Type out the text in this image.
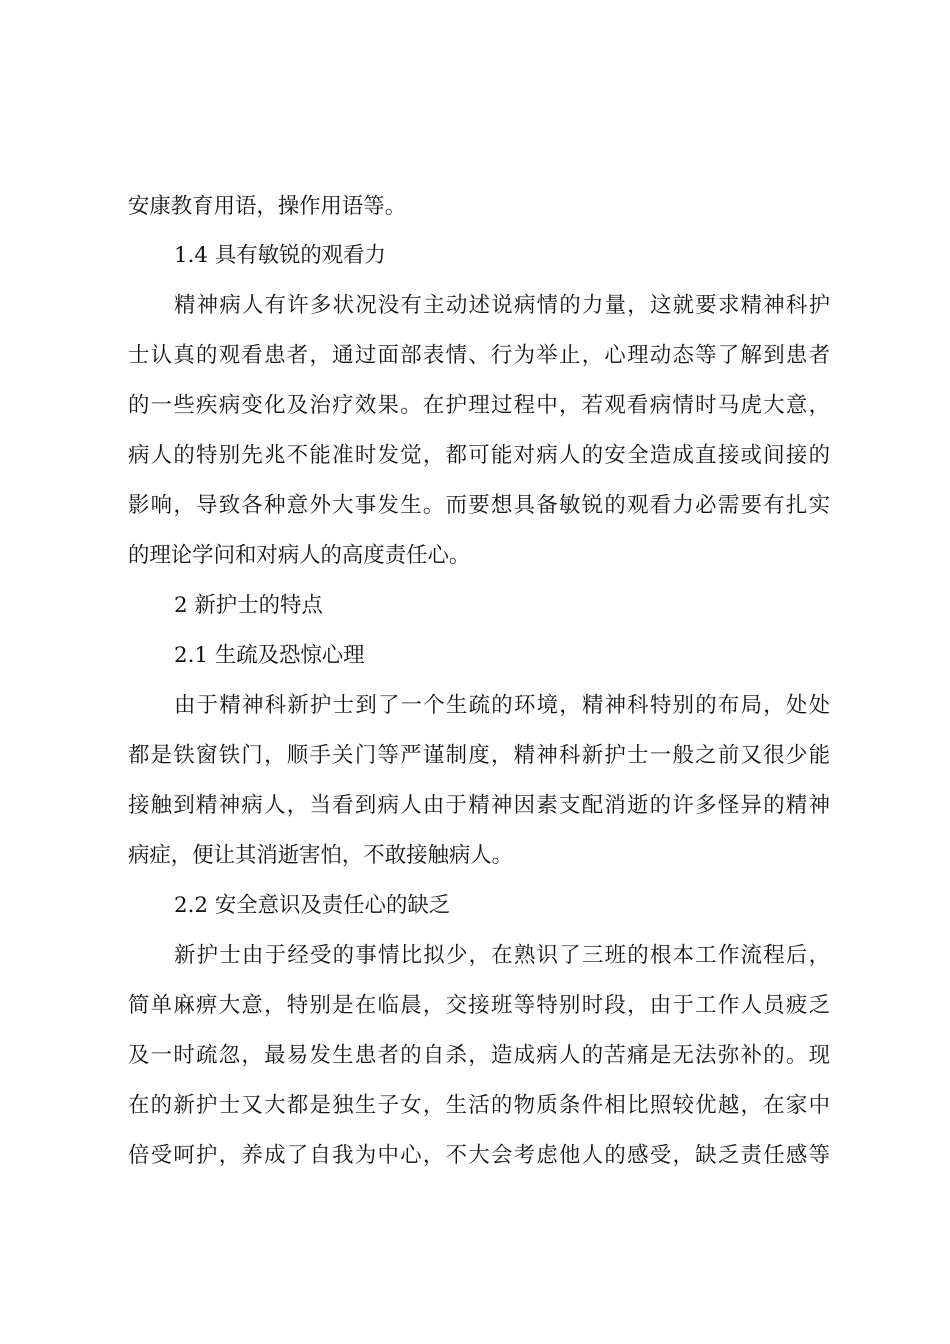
安康教育用语，操作用语等。

1.4 具有敏锐的观看力

精神病人有许多状况没有主动述说病情的力量，这就要求精神科护

士认真的观看患者，通过面部表情、行为举止，心理动态等了解到患者

的一些疾病变化及治疗效果。在护理过程中，若观看病情时马虎大意，

病人的特别先兆不能准时发觉，都可能对病人的安全造成直接或间接的

影响，导致各种意外大事发生。而要想具备敏锐的观看力必需要有扎实

的理论学问和对病人的高度责任心。

2 新护士的特点

2.1 生疏及恐惊心理

由于精神科新护士到了一个生疏的环境，精神科特别的布局，处处

都是铁窗铁门，顺手关门等严谨制度，精神科新护士一般之前又很少能

接触到精神病人，当看到病人由于精神因素支配消逝的许多怪异的精神

病症，便让其消逝害怕，不敢接触病人。

2.2 安全意识及责任心的缺乏

新护士由于经受的事情比拟少，在熟识了三班的根本工作流程后，

简单麻痹大意，特别是在临晨，交接班等特别时段，由于工作人员疲乏

及一时疏忽，最易发生患者的自杀，造成病人的苦痛是无法弥补的。现

在的新护士又大都是独生子女，生活的物质条件相比照较优越，在家中

倍受呵护，养成了自我为中心，不大会考虑他人的感受，缺乏责任感等
